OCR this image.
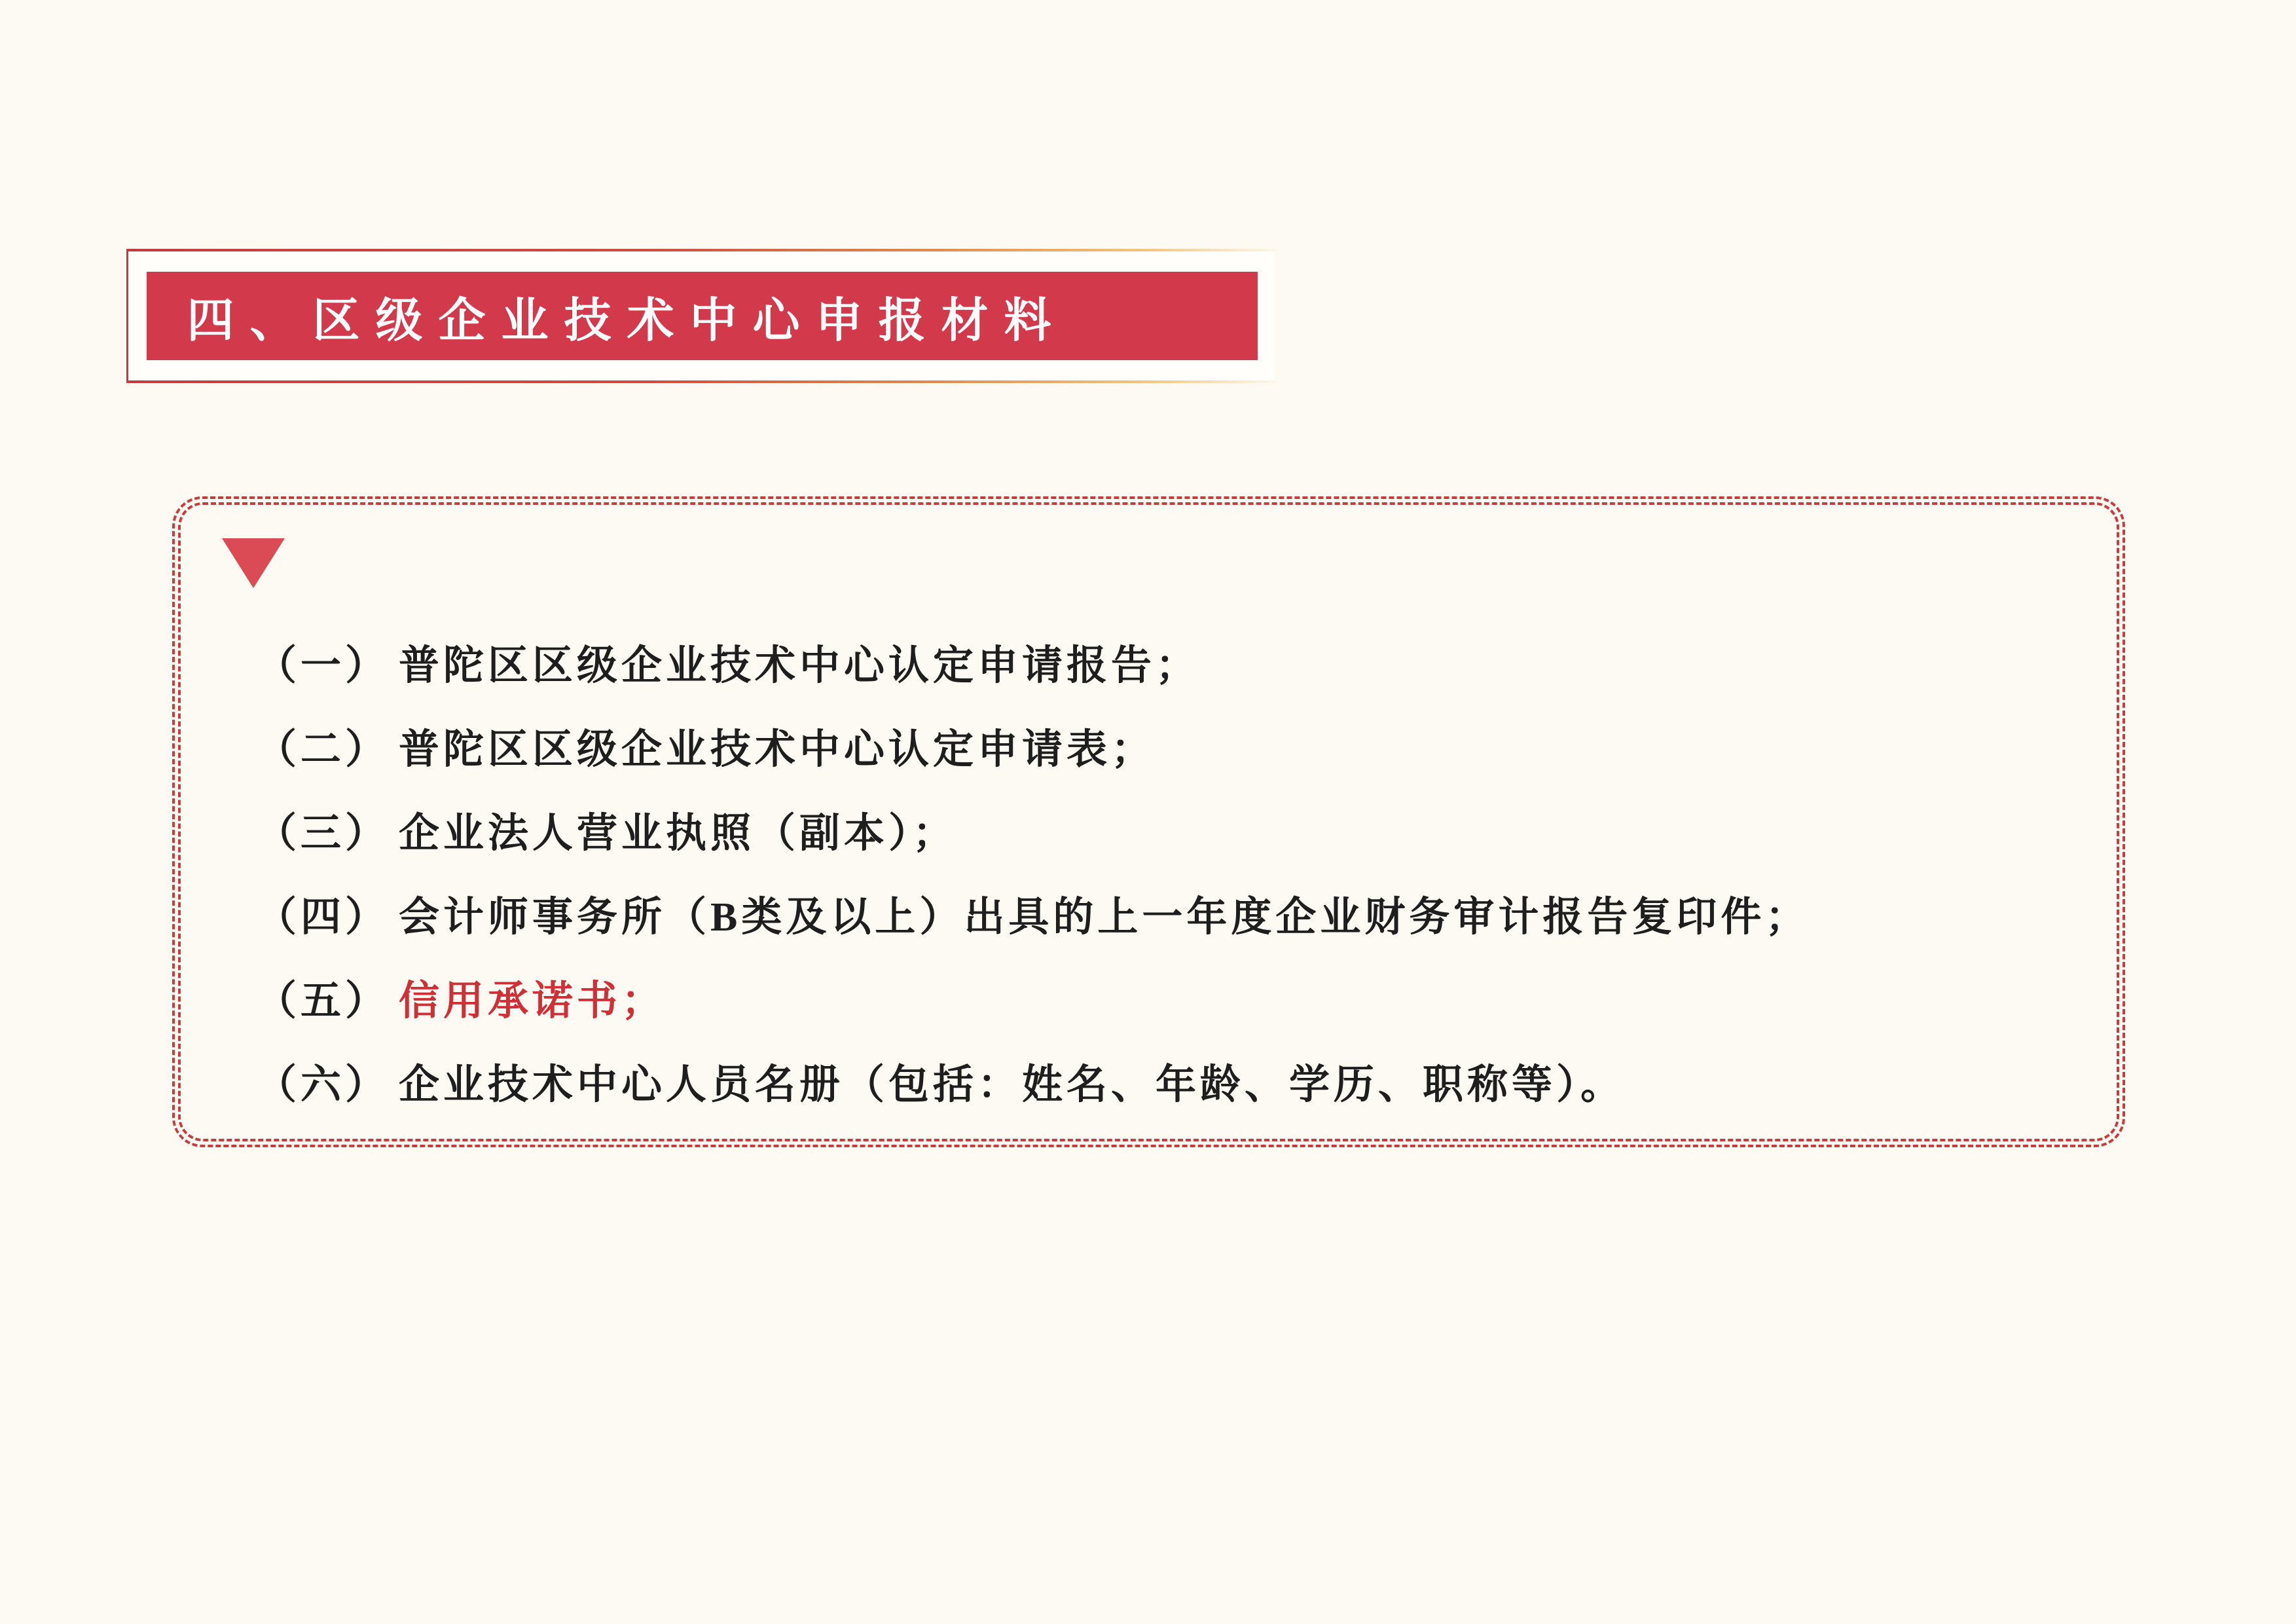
四、区级企业技术中心申报材料
（一） 普陀区区级企业技术中心认定申请报告；
（二） 普陀区区级企业技术中心认定申请表；
（三） 企业法人营业执照（副本）；
（四） 会计师事务所（B类及以上）出具的上一年度企业财务审计报告复印件；
（五） 信用承诺书；
（六） 企业技术中心人员名册（包括：姓名、年龄、学历、职称等）。
